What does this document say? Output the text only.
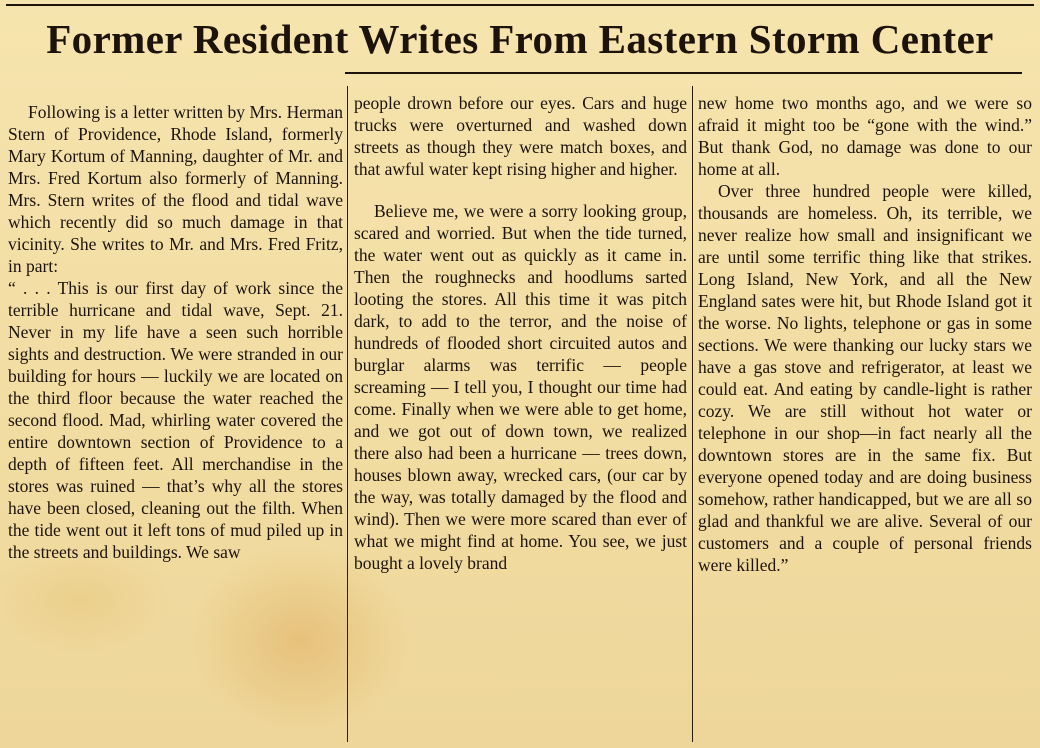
Former Resident Writes From Eastern Storm Center

Following is a letter written by Mrs. Herman Stern of Providence, Rhode Island, formerly Mary Kortum of Manning, daughter of Mr. and Mrs. Fred Kortum also formerly of Manning. Mrs. Stern writes of the flood and tidal wave which recently did so much damage in that vicinity. She writes to Mr. and Mrs. Fred Fritz, in part:

“ . . . This is our first day of work since the terrible hurricane and tidal wave, Sept. 21. Never in my life have a seen such horrible sights and destruction. We were stranded in our building for hours — luckily we are located on the third floor because the water reached the second flood. Mad, whirling water covered the entire downtown section of Providence to a depth of fifteen feet. All merchandise in the stores was ruined — that’s why all the stores have been closed, cleaning out the filth. When the tide went out it left tons of mud piled up in the streets and buildings. We saw

people drown before our eyes. Cars and huge trucks were overturned and washed down streets as though they were match boxes, and that awful water kept rising higher and higher.

Believe me, we were a sorry looking group, scared and worried. But when the tide turned, the water went out as quickly as it came in. Then the roughnecks and hoodlums sarted looting the stores. All this time it was pitch dark, to add to the terror, and the noise of hundreds of flooded short circuited autos and burglar alarms was terrific — people screaming — I tell you, I thought our time had come. Finally when we were able to get home, and we got out of down town, we realized there also had been a hurricane — trees down, houses blown away, wrecked cars, (our car by the way, was totally damaged by the flood and wind). Then we were more scared than ever of what we might find at home. You see, we just bought a lovely brand

new home two months ago, and we were so afraid it might too be “gone with the wind.” But thank God, no damage was done to our home at all.

Over three hundred people were killed, thousands are homeless. Oh, its terrible, we never realize how small and insignificant we are until some terrific thing like that strikes. Long Island, New York, and all the New England sates were hit, but Rhode Island got it the worse. No lights, telephone or gas in some sections. We were thanking our lucky stars we have a gas stove and refrigerator, at least we could eat. And eating by candle-light is rather cozy. We are still without hot water or telephone in our shop—in fact nearly all the downtown stores are in the same fix. But everyone opened today and are doing business somehow, rather handicapped, but we are all so glad and thankful we are alive. Several of our customers and a couple of personal friends were killed.”
